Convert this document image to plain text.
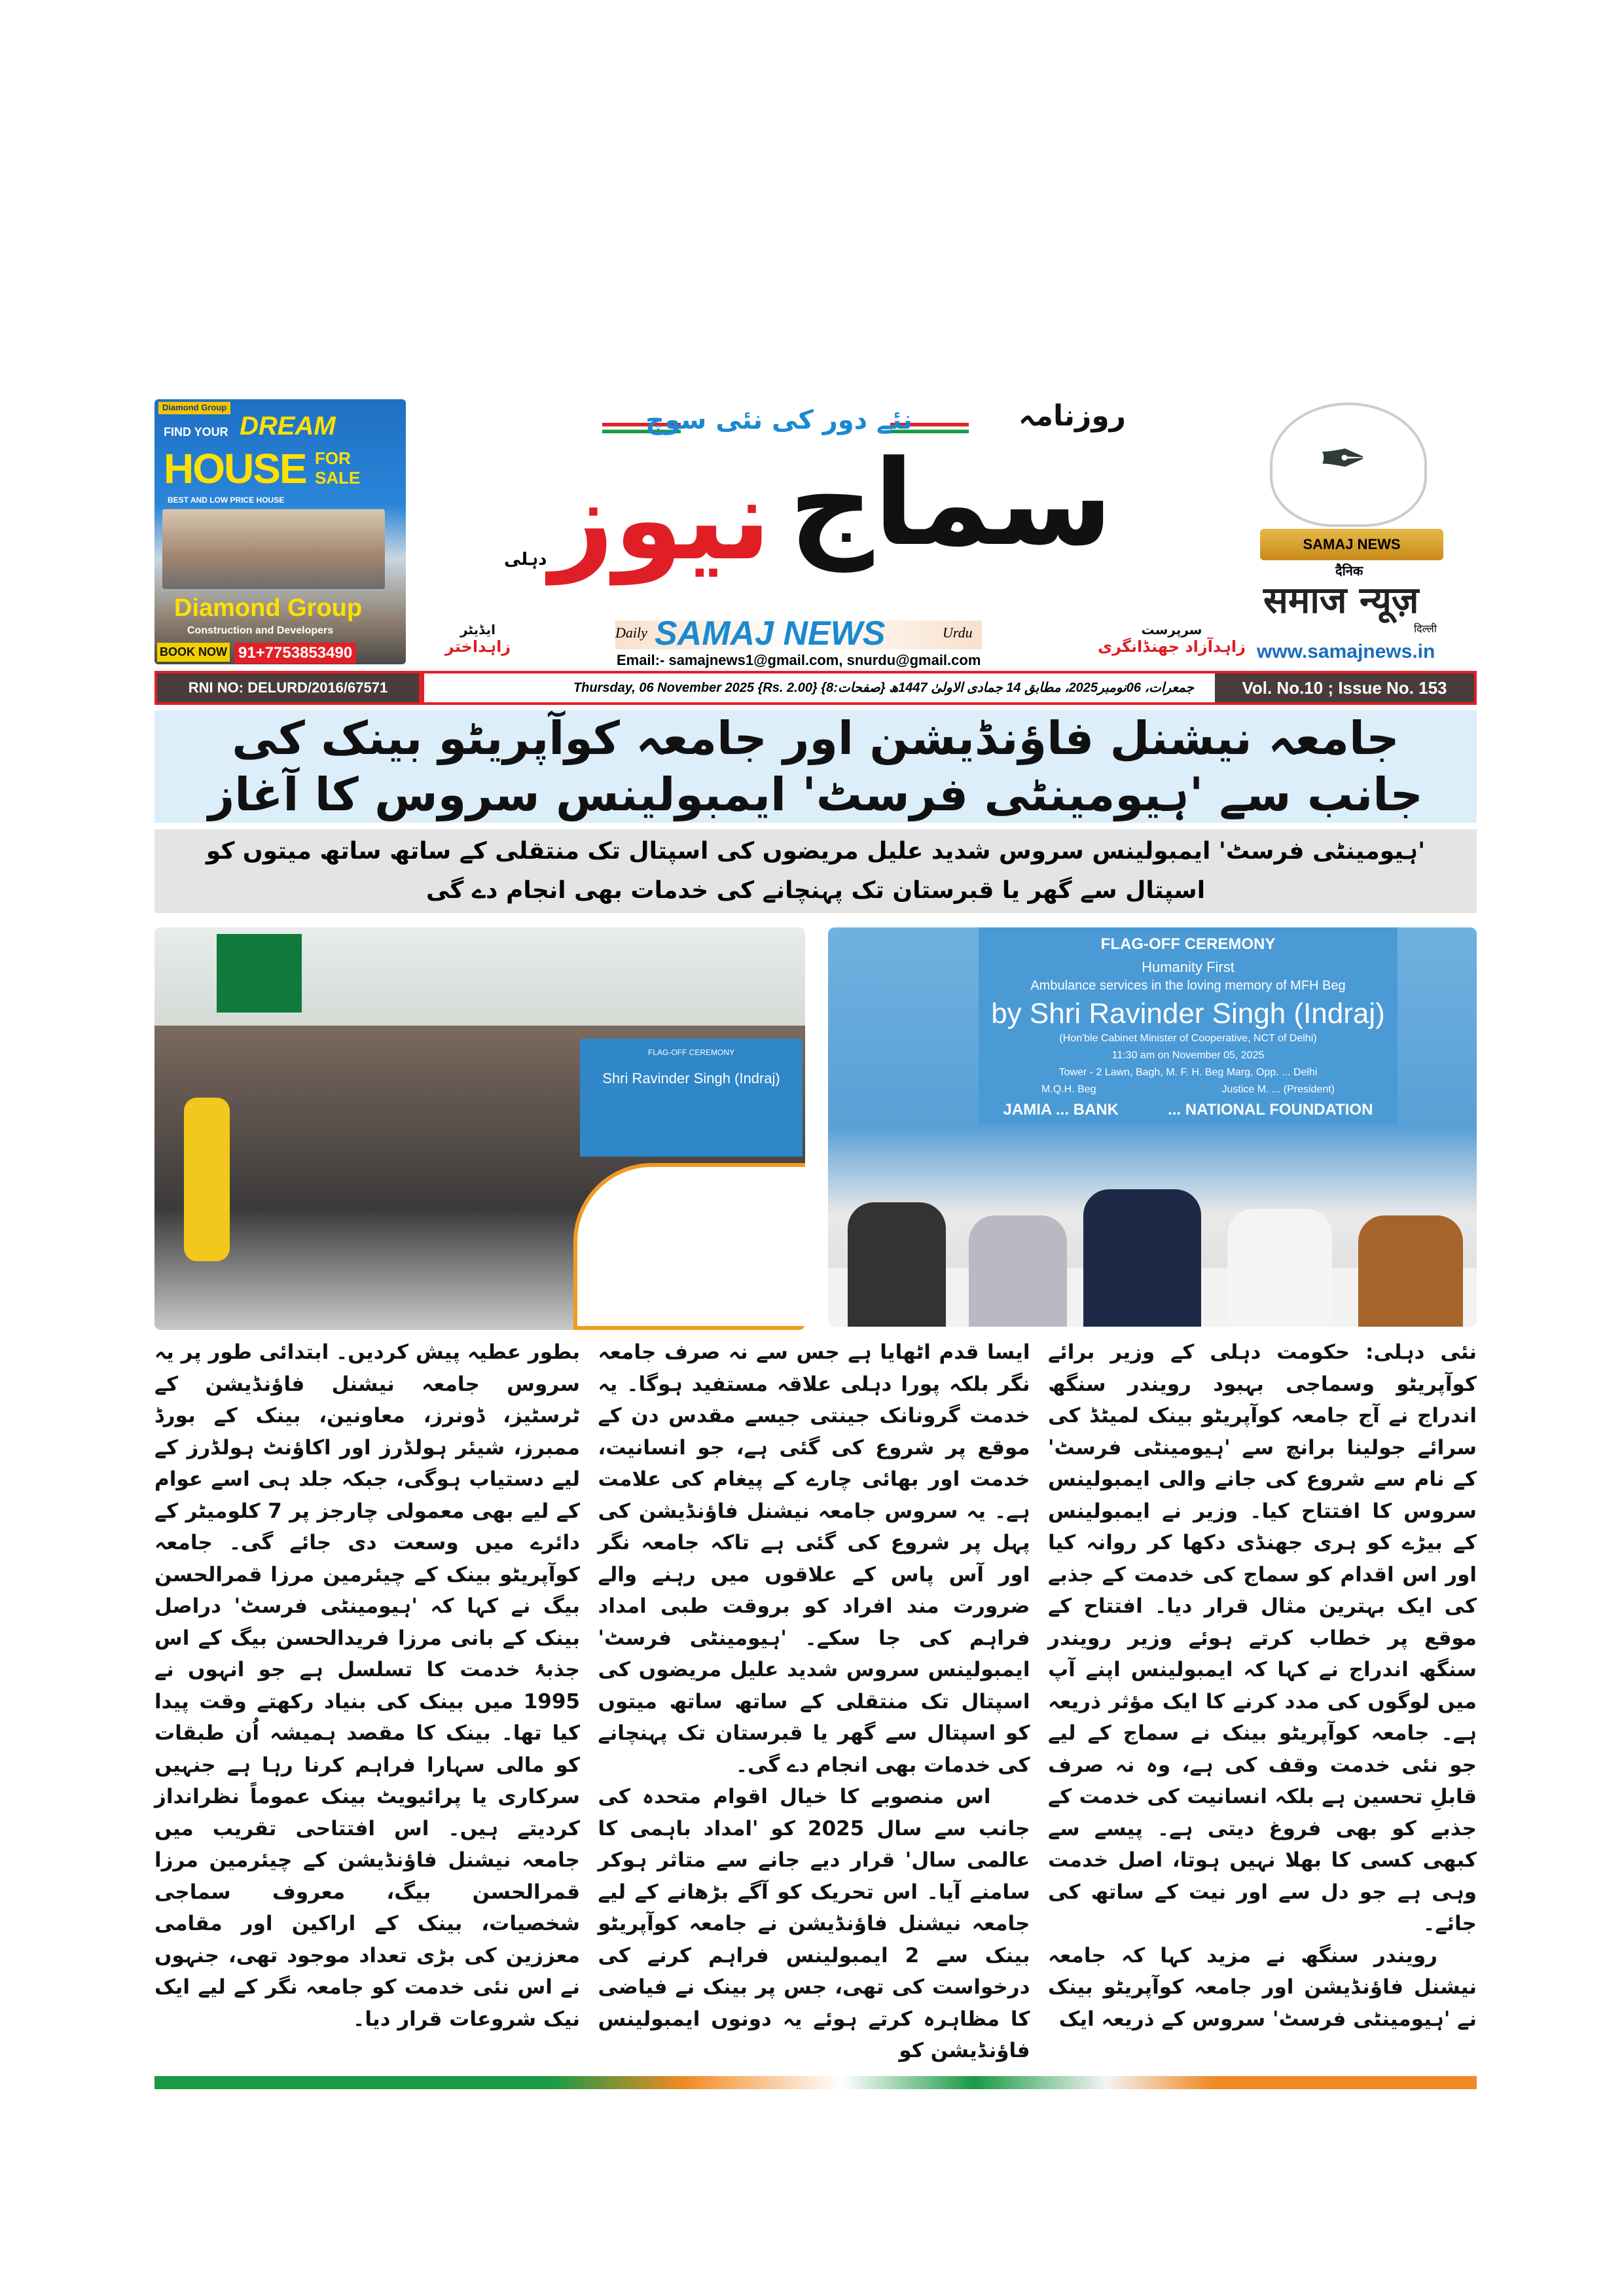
Diamond Group
FIND YOUR DREAM
HOUSE FOR SALE
BEST AND LOW PRICE HOUSE
Diamond Group
Construction and Developers
BOOK NOW 91+7753853490
نئے دور کی نئی سوچ	روزنامہ
سماج
نیوز
دہلی
Daily SAMAJ NEWS	Urdu
Email:- samajnews1@gmail.com, snurdu@gmail.com
ایڈیٹر
زاہداختر
سرپرست
زاہدآزاد جھنڈانگری
✒
SAMAJ NEWS
दैनिक
समाज न्यूज़
दिल्ली
www.samajnews.in
RNI NO: DELURD/2016/67571	Thursday, 06 November 2025 {Rs. 2.00} {صفحات:8} جمعرات، 06نومبر2025، مطابق 14 جمادی الاولیٰ 1447ھ	Vol. No.10 ; Issue No. 153
جامعہ نیشنل فاؤنڈیشن اور جامعہ کوآپریٹو بینک کی جانب سے 'ہیومینٹی فرسٹ' ایمبولینس سروس کا آغاز
'ہیومینٹی فرسٹ' ایمبولینس سروس شدید علیل مریضوں کی اسپتال تک منتقلی کے ساتھ ساتھ میتوں کو اسپتال سے گھر یا قبرستان تک پہنچانے کی خدمات بھی انجام دے گی
FLAG-OFF CEREMONY
Shri Ravinder Singh (Indraj)
FLAG-OFF CEREMONY
Humanity First
Ambulance services in the loving memory of MFH Beg
by Shri Ravinder Singh (Indraj)
(Hon'ble Cabinet Minister of Cooperative, NCT of Delhi)
11:30 am on November 05, 2025
Tower - 2 Lawn, Bagh, M. F. H. Beg Marg, Opp. ... Delhi
M.Q.H. Beg	Justice M. ... (President)
JAMIA ... BANK	... NATIONAL FOUNDATION

نئی دہلی: حکومت دہلی کے وزیر برائے کوآپریٹو وسماجی بہبود رویندر سنگھ اندراج نے آج جامعہ کوآپریٹو بینک لمیٹڈ کی سرائے جولینا برانچ سے 'ہیومینٹی فرسٹ' کے نام سے شروع کی جانے والی ایمبولینس سروس کا افتتاح کیا۔ وزیر نے ایمبولینس کے بیڑے کو ہری جھنڈی دکھا کر روانہ کیا اور اس اقدام کو سماج کی خدمت کے جذبے کی ایک بہترین مثال قرار دیا۔ افتتاح کے موقع پر خطاب کرتے ہوئے وزیر رویندر سنگھ اندراج نے کہا کہ ایمبولینس اپنے آپ میں لوگوں کی مدد کرنے کا ایک مؤثر ذریعہ ہے۔ جامعہ کوآپریٹو بینک نے سماج کے لیے جو نئی خدمت وقف کی ہے، وہ نہ صرف قابلِ تحسین ہے بلکہ انسانیت کی خدمت کے جذبے کو بھی فروغ دیتی ہے۔ پیسے سے کبھی کسی کا بھلا نہیں ہوتا، اصل خدمت وہی ہے جو دل سے اور نیت کے ساتھ کی جائے۔

رویندر سنگھ نے مزید کہا کہ جامعہ نیشنل فاؤنڈیشن اور جامعہ کوآپریٹو بینک نے 'ہیومینٹی فرسٹ' سروس کے ذریعہ ایک

ایسا قدم اٹھایا ہے جس سے نہ صرف جامعہ نگر بلکہ پورا دہلی علاقہ مستفید ہوگا۔ یہ خدمت گرونانک جینتی جیسے مقدس دن کے موقع پر شروع کی گئی ہے، جو انسانیت، خدمت اور بھائی چارے کے پیغام کی علامت ہے۔ یہ سروس جامعہ نیشنل فاؤنڈیشن کی پہل پر شروع کی گئی ہے تاکہ جامعہ نگر اور آس پاس کے علاقوں میں رہنے والے ضرورت مند افراد کو بروقت طبی امداد فراہم کی جا سکے۔ 'ہیومینٹی فرسٹ' ایمبولینس سروس شدید علیل مریضوں کی اسپتال تک منتقلی کے ساتھ ساتھ میتوں کو اسپتال سے گھر یا قبرستان تک پہنچانے کی خدمات بھی انجام دے گی۔

اس منصوبے کا خیال اقوام متحدہ کی جانب سے سال 2025 کو 'امداد باہمی کا عالمی سال' قرار دیے جانے سے متاثر ہوکر سامنے آیا۔ اس تحریک کو آگے بڑھانے کے لیے جامعہ نیشنل فاؤنڈیشن نے جامعہ کوآپریٹو بینک سے 2 ایمبولینس فراہم کرنے کی درخواست کی تھی، جس پر بینک نے فیاضی کا مظاہرہ کرتے ہوئے یہ دونوں ایمبولینس فاؤنڈیشن کو

بطور عطیہ پیش کردیں۔ ابتدائی طور پر یہ سروس جامعہ نیشنل فاؤنڈیشن کے ٹرسٹیز، ڈونرز، معاونین، بینک کے بورڈ ممبرز، شیئر ہولڈرز اور اکاؤنٹ ہولڈرز کے لیے دستیاب ہوگی، جبکہ جلد ہی اسے عوام کے لیے بھی معمولی چارجز پر 7 کلومیٹر کے دائرے میں وسعت دی جائے گی۔ جامعہ کوآپریٹو بینک کے چیئرمین مرزا قمرالحسن بیگ نے کہا کہ 'ہیومینٹی فرسٹ' دراصل بینک کے بانی مرزا فریدالحسن بیگ کے اس جذبۂ خدمت کا تسلسل ہے جو انہوں نے 1995 میں بینک کی بنیاد رکھتے وقت پیدا کیا تھا۔ بینک کا مقصد ہمیشہ اُن طبقات کو مالی سہارا فراہم کرنا رہا ہے جنہیں سرکاری یا پرائیویٹ بینک عموماً نظرانداز کردیتے ہیں۔ اس افتتاحی تقریب میں جامعہ نیشنل فاؤنڈیشن کے چیئرمین مرزا قمرالحسن بیگ، معروف سماجی شخصیات، بینک کے اراکین اور مقامی معززین کی بڑی تعداد موجود تھی، جنہوں نے اس نئی خدمت کو جامعہ نگر کے لیے ایک نیک شروعات قرار دیا۔
